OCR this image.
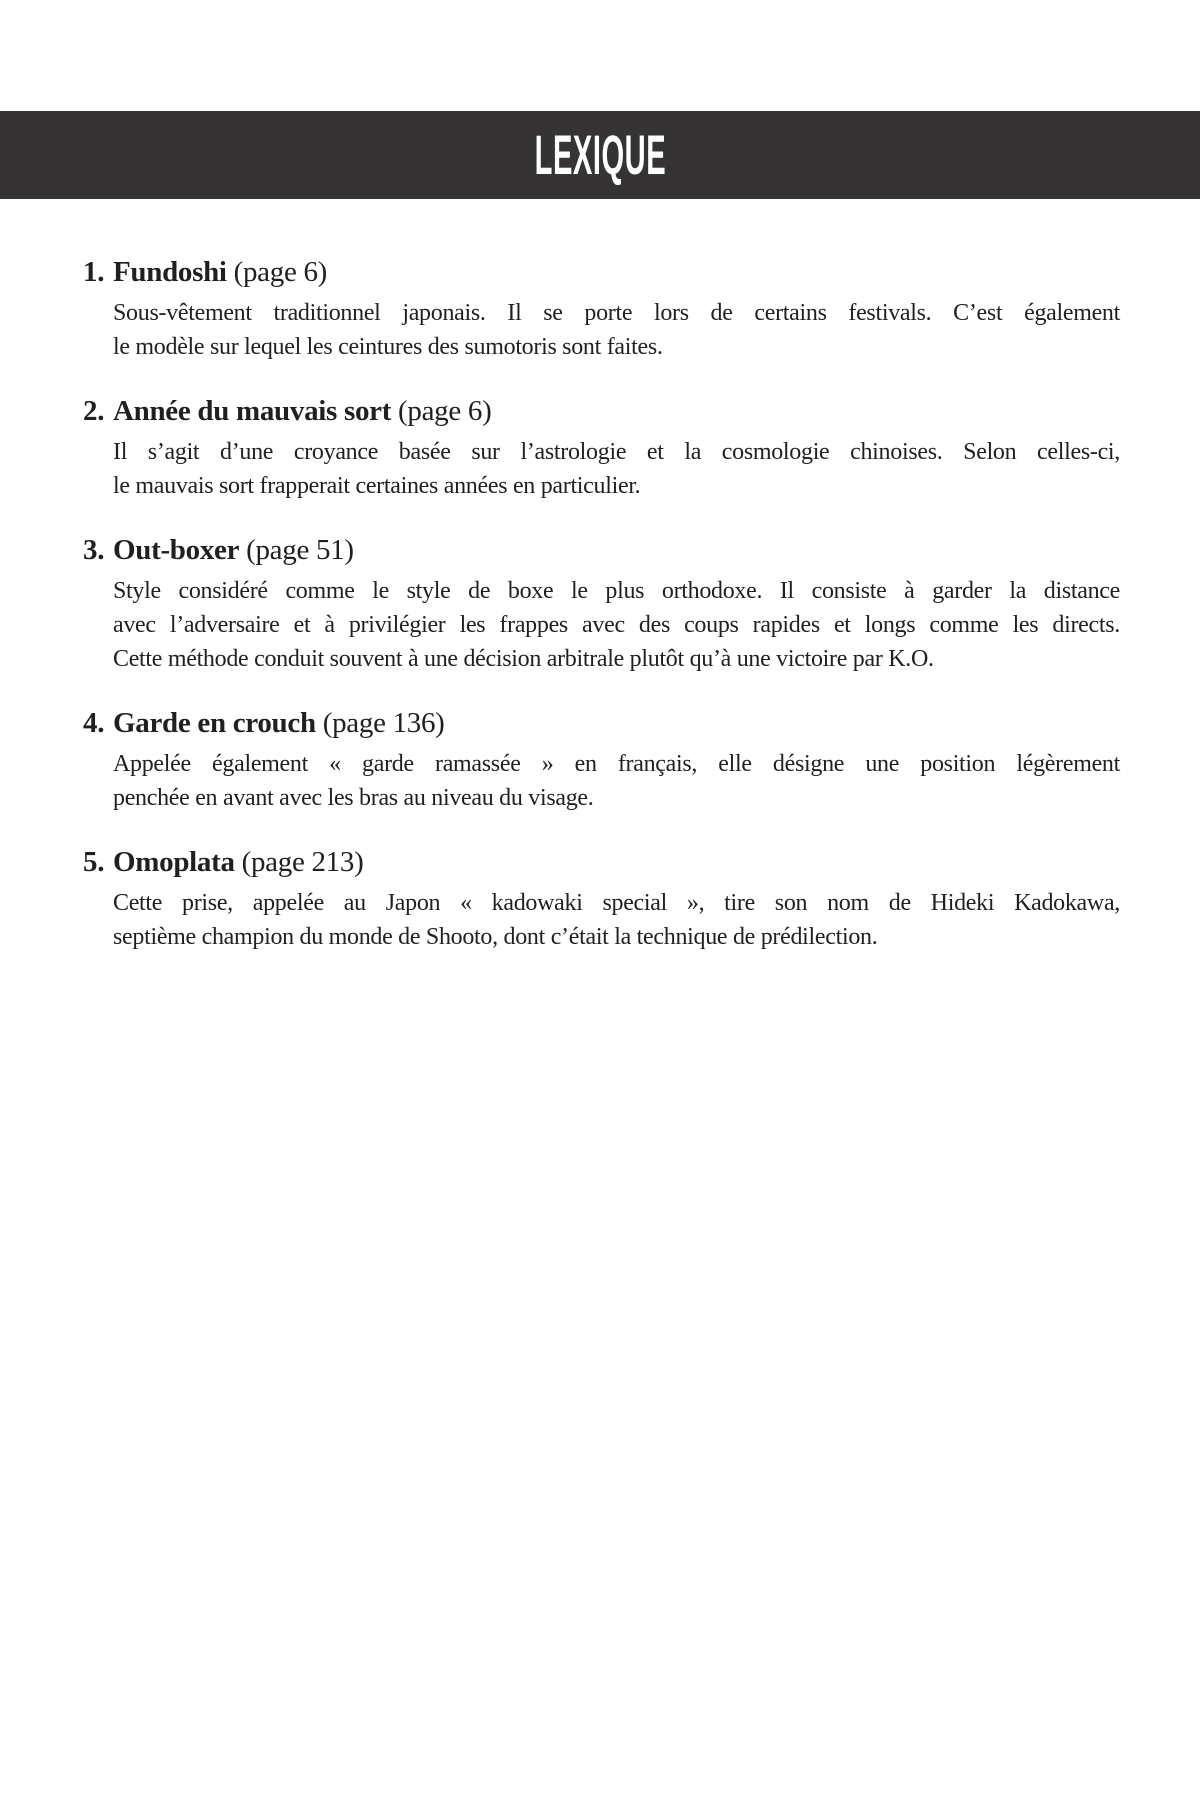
LEXIQUE
1. Fundoshi (page 6)
Sous-vêtement traditionnel japonais. Il se porte lors de certains festivals. C’est également
le modèle sur lequel les ceintures des sumotoris sont faites.
2. Année du mauvais sort (page 6)
Il s’agit d’une croyance basée sur l’astrologie et la cosmologie chinoises. Selon celles-ci,
le mauvais sort frapperait certaines années en particulier.
3. Out-boxer (page 51)
Style considéré comme le style de boxe le plus orthodoxe. Il consiste à garder la distance
avec l’adversaire et à privilégier les frappes avec des coups rapides et longs comme les directs.
Cette méthode conduit souvent à une décision arbitrale plutôt qu’à une victoire par K.O.
4. Garde en crouch (page 136)
Appelée également « garde ramassée » en français, elle désigne une position légèrement
penchée en avant avec les bras au niveau du visage.
5. Omoplata (page 213)
Cette prise, appelée au Japon « kadowaki special », tire son nom de Hideki Kadokawa,
septième champion du monde de Shooto, dont c’était la technique de prédilection.
